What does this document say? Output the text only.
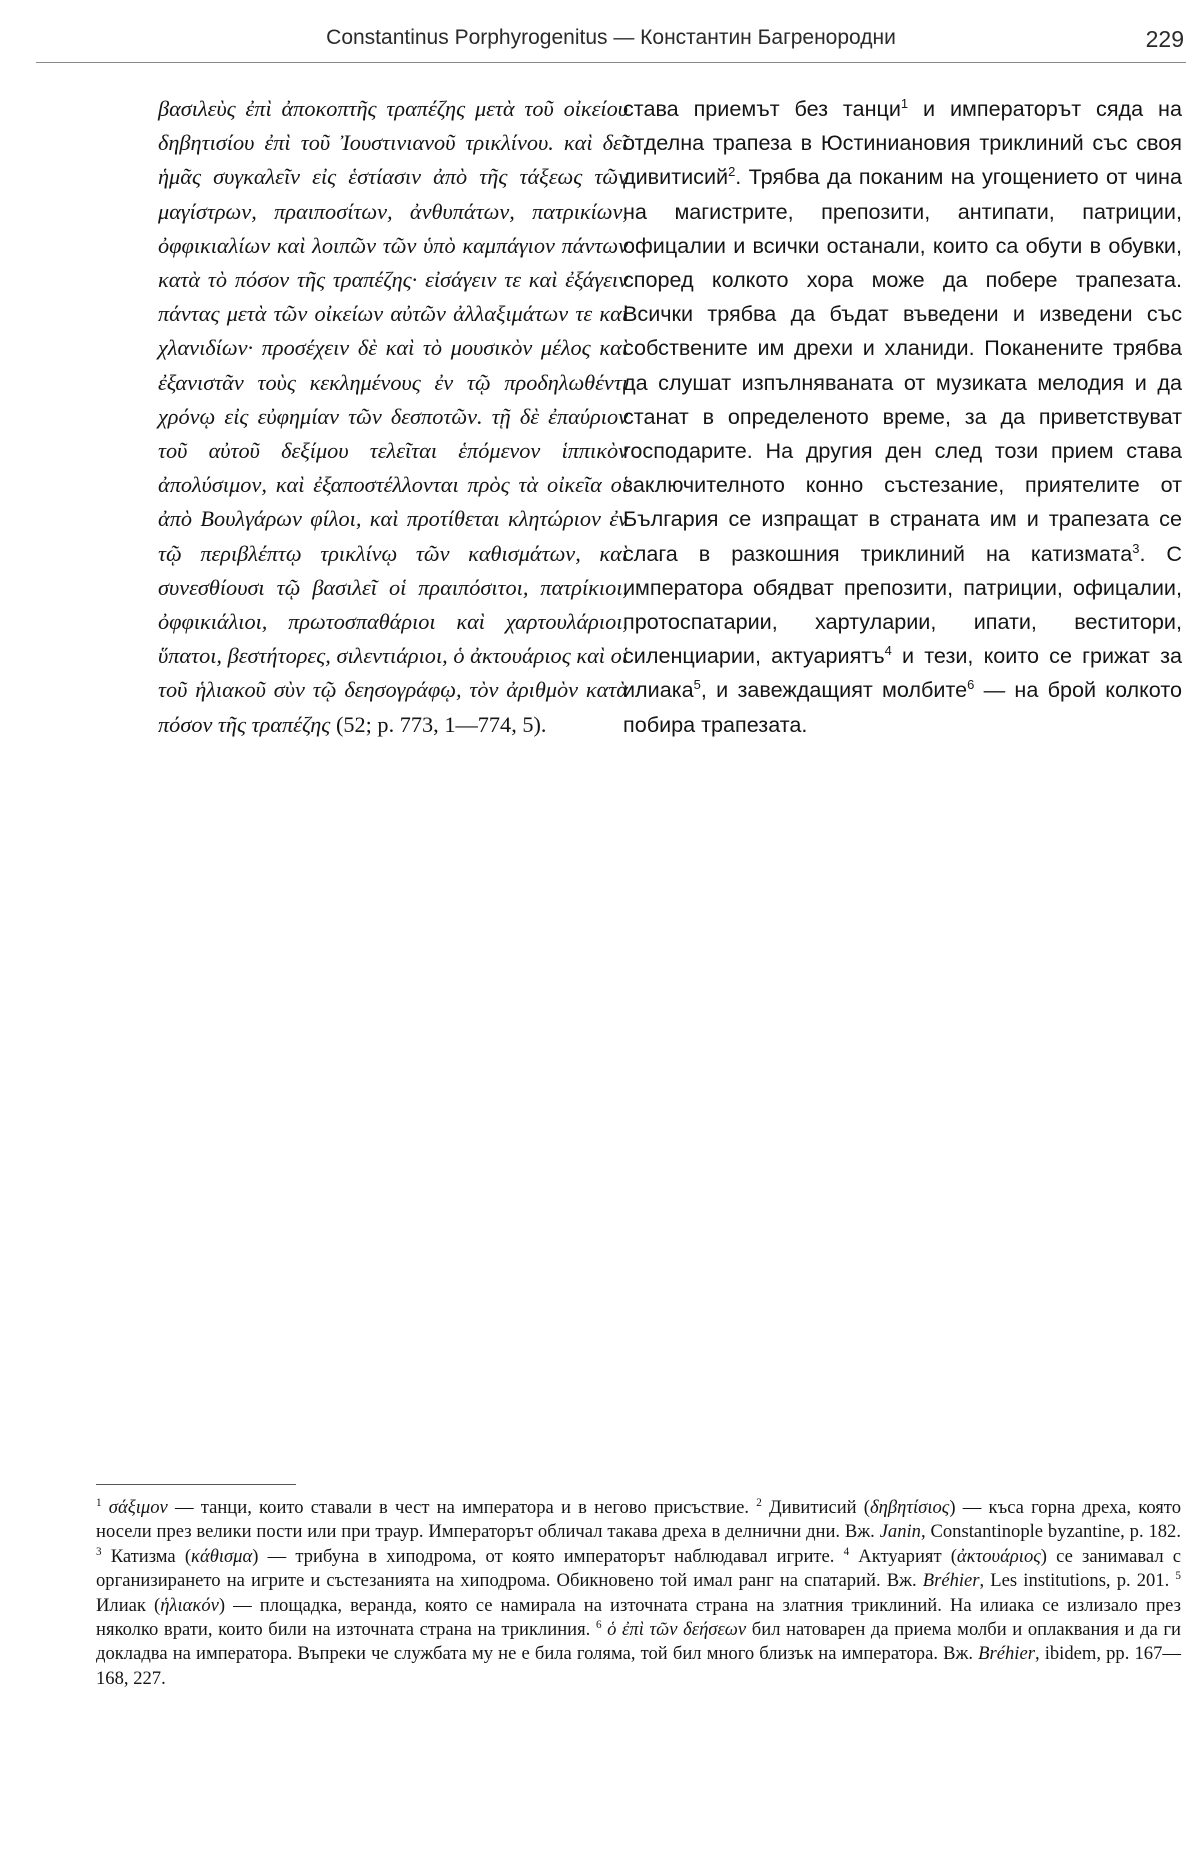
Constantinus Porphyrogenitus — Константин Багренородни	229

βασιλεὺς ἐπὶ ἀποκοπτῆς τραπέζης μετὰ τοῦ οἰκείου δηβητισίου ἐπὶ τοῦ Ἰουστινιανοῦ τρικλίνου. καὶ δεῖ ἡμᾶς συγκαλεῖν εἰς ἑστίασιν ἀπὸ τῆς τάξεως τῶν μαγίστρων, πραιποσίτων, ἀνθυπάτων, πατρικίων, ὀφφικιαλίων καὶ λοιπῶν τῶν ὑπὸ καμπάγιον πάντων κατὰ τὸ πόσον τῆς τραπέζης· εἰσάγειν τε καὶ ἐξάγειν πάντας μετὰ τῶν οἰκείων αὐτῶν ἀλλαξιμάτων τε καὶ χλανιδίων· προσέχειν δὲ καὶ τὸ μουσικὸν μέλος καὶ ἐξανιστᾶν τοὺς κεκλημένους ἐν τῷ προδηλωθέντι χρόνῳ εἰς εὐφημίαν τῶν δεσποτῶν. τῇ δὲ ἐπαύριον τοῦ αὐτοῦ δεξίμου τελεῖται ἑπόμενον ἱππικὸν ἀπολύσιμον, καὶ ἐξαποστέλλονται πρὸς τὰ οἰκεῖα οἱ ἀπὸ Βουλγάρων φίλοι, καὶ προτίθεται κλητώριον ἐν τῷ περιβλέπτῳ τρικλίνῳ τῶν καθισμάτων, καὶ συνεσθίουσι τῷ βασιλεῖ οἱ πραιπόσιτοι, πατρίκιοι, ὀφφικιάλιοι, πρωτοσπαθάριοι καὶ χαρτουλάριοι, ὕπατοι, βεστήτορες, σιλεντιάριοι, ὁ ἀκτουάριος καὶ οἱ τοῦ ἡλιακοῦ σὺν τῷ δεησογράφῳ, τὸν ἀριθμὸν κατὰ πόσον τῆς τραπέζης (52; p. 773, 1—774, 5).

става приемът без танци$^1$ и императорът сяда на отделна трапеза в Юстиниановия триклиний със своя дивитисий$^2$. Трябва да поканим на угощението от чина на магистрите, препозити, антипати, патриции, офицалии и всички останали, които са обути в обувки, според колкото хора може да побере трапезата. Всички трябва да бъдат въведени и изведени със собствените им дрехи и хланиди. Поканените трябва да слушат изпълняваната от музиката мелодия и да станат в определеното време, за да приветствуват господарите. На другия ден след този прием става заключителното конно състезание, приятелите от България се изпращат в страната им и трапезата се слага в разкошния триклиний на катизмата$^3$. С императора обядват препозити, патриции, офицалии, протоспатарии, хартуларии, ипати, веститори, силенциарии, актуариятъ$^4$ и тези, които се грижат за илиака$^5$, и завеждащият молбите$^6$ — на брой колкото побира трапезата.

$^1$ σάξιμον — танци, които ставали в чест на императора и в негово присъствие. $^2$ Дивитисий (δηβητίσιος) — къса горна дреха, която носели през велики пости или при траур. Императорът обличал такава дреха в делнични дни. Вж. Janin, Constantinople byzantine, p. 182. $^3$ Катизма (κάθισμα) — трибуна в хиподрома, от която императорът наблюдавал игрите. $^4$ Актуарият (ἀκτουάριος) се занимавал с организирането на игрите и състезанията на хиподрома. Обикновено той имал ранг на спатарий. Вж. Bréhier, Les institutions, p. 201. $^5$ Илиак (ἡλιακόν) — площадка, веранда, която се намирала на източната страна на златния триклиний. На илиака се излизало през няколко врати, които били на източната страна на триклиния. $^6$ ὁ ἐπὶ τῶν δεήσεων бил натоварен да приема молби и оплаквания и да ги докладва на императора. Въпреки че службата му не е била голяма, той бил много близък на императора. Вж. Bréhier, ibidem, pp. 167—168, 227.
